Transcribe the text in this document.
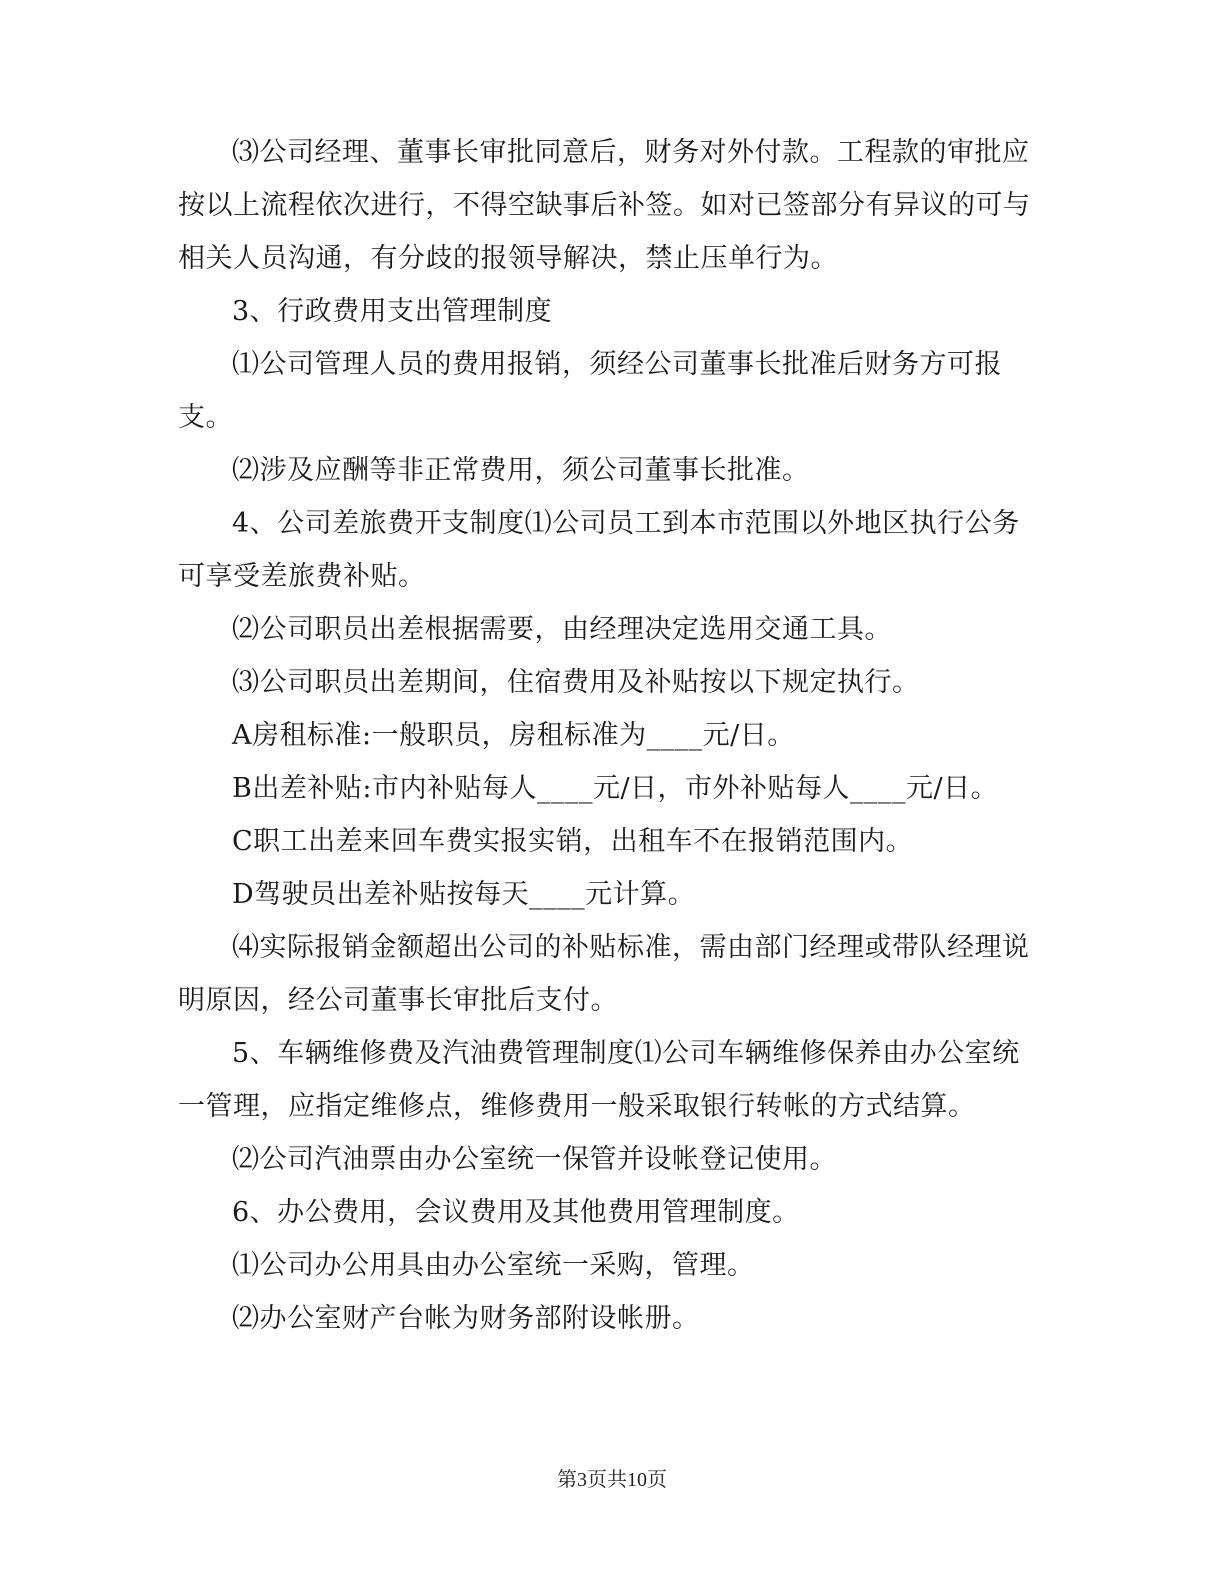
⑶公司经理、董事长审批同意后，财务对外付款。工程款的审批应按以上流程依次进行，不得空缺事后补签。如对已签部分有异议的可与相关人员沟通，有分歧的报领导解决，禁止压单行为。

3、行政费用支出管理制度

⑴公司管理人员的费用报销，须经公司董事长批准后财务方可报支。

⑵涉及应酬等非正常费用，须公司董事长批准。

4、公司差旅费开支制度⑴公司员工到本市范围以外地区执行公务可享受差旅费补贴。

⑵公司职员出差根据需要，由经理决定选用交通工具。

⑶公司职员出差期间，住宿费用及补贴按以下规定执行。

A房租标准:一般职员，房租标准为____元/日。

B出差补贴:市内补贴每人____元/日，市外补贴每人____元/日。

C职工出差来回车费实报实销，出租车不在报销范围内。

D驾驶员出差补贴按每天____元计算。

⑷实际报销金额超出公司的补贴标准，需由部门经理或带队经理说明原因，经公司董事长审批后支付。

5、车辆维修费及汽油费管理制度⑴公司车辆维修保养由办公室统一管理，应指定维修点，维修费用一般采取银行转帐的方式结算。

⑵公司汽油票由办公室统一保管并设帐登记使用。

6、办公费用，会议费用及其他费用管理制度。

⑴公司办公用具由办公室统一采购，管理。

⑵办公室财产台帐为财务部附设帐册。

第3页共10页
